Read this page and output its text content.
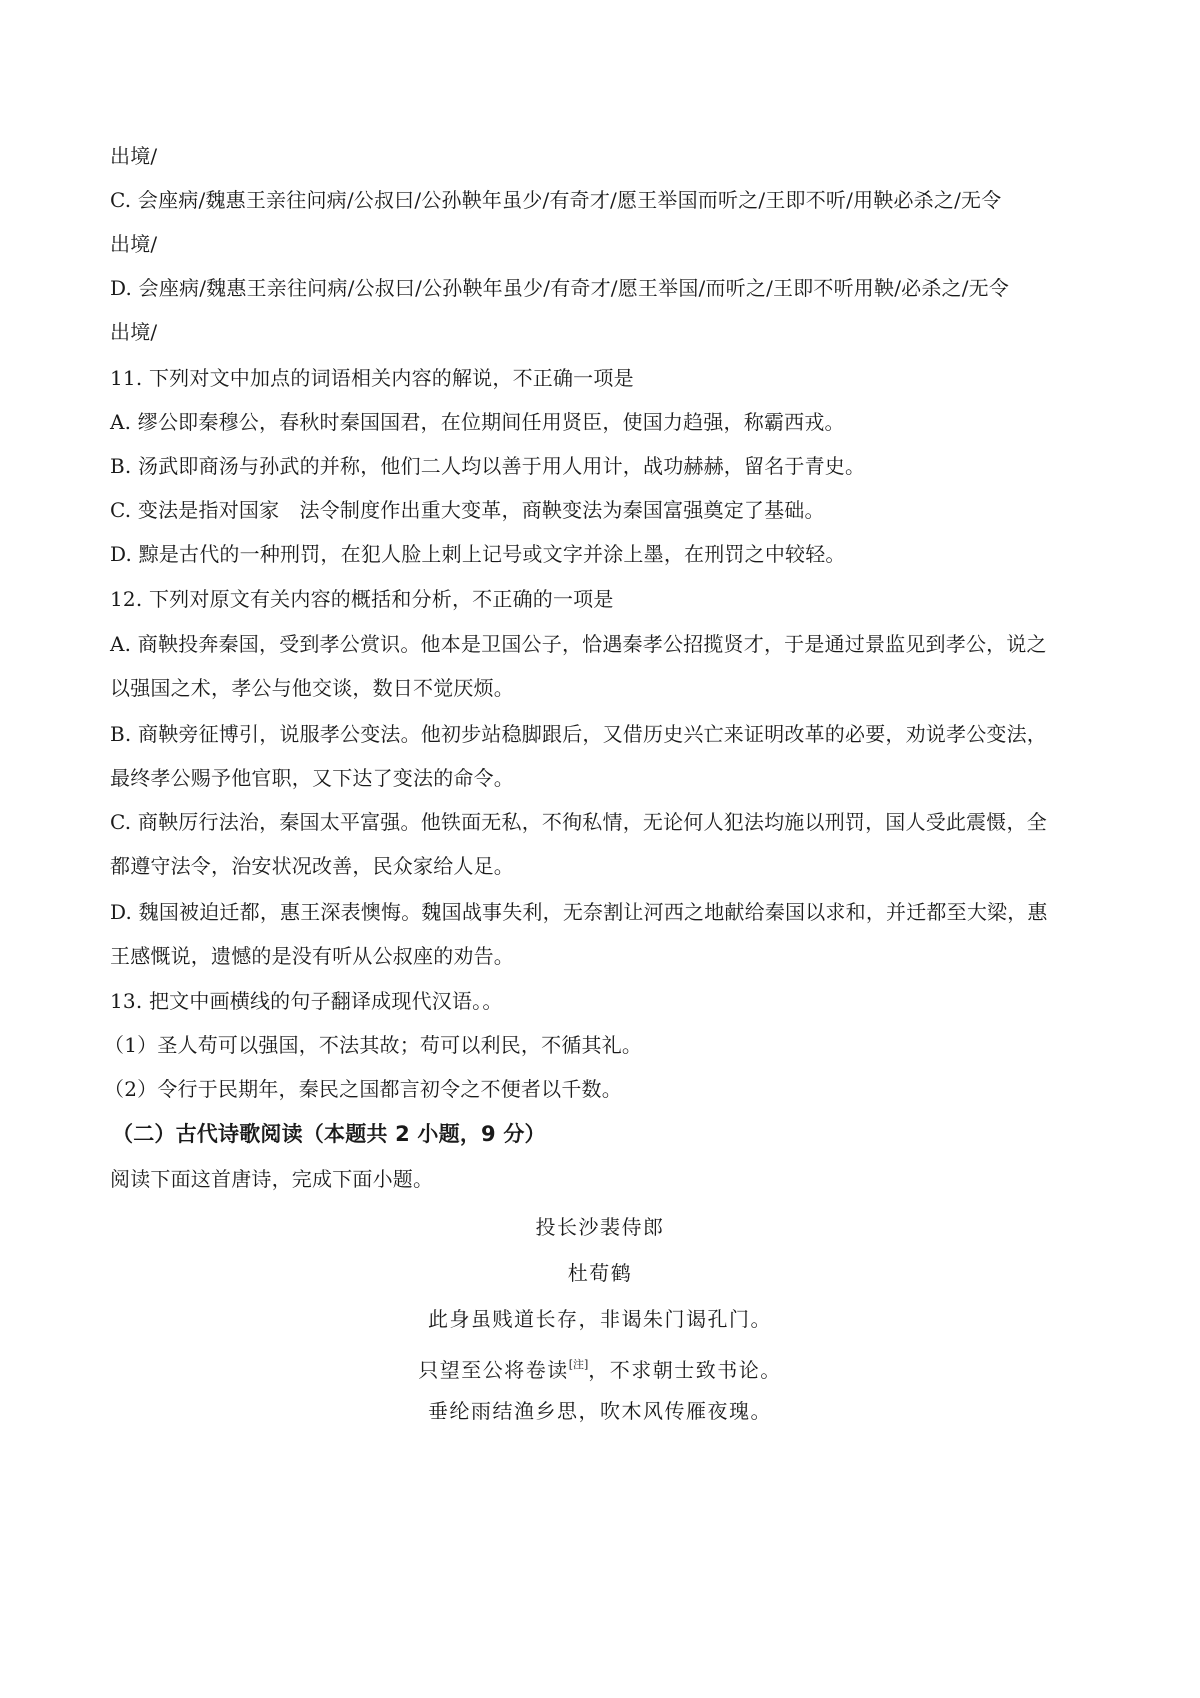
出境/
C. 会座病/魏惠王亲往问病/公叔曰/公孙鞅年虽少/有奇才/愿王举国而听之/王即不听/用鞅必杀之/无令
出境/
D. 会座病/魏惠王亲往问病/公叔曰/公孙鞅年虽少/有奇才/愿王举国/而听之/王即不听用鞅/必杀之/无令
出境/
11. 下列对文中加点的词语相关内容的解说，不正确一项是
A. 缪公即秦穆公，春秋时秦国国君，在位期间任用贤臣，使国力趋强，称霸西戎。
B. 汤武即商汤与孙武的并称，他们二人均以善于用人用计，战功赫赫，留名于青史。
C. 变法是指对国家　法令制度作出重大变革，商鞅变法为秦国富强奠定了基础。
D. 黥是古代的一种刑罚，在犯人脸上刺上记号或文字并涂上墨，在刑罚之中较轻。
12. 下列对原文有关内容的概括和分析，不正确的一项是
A. 商鞅投奔秦国，受到孝公赏识。他本是卫国公子，恰遇秦孝公招揽贤才，于是通过景监见到孝公，说之
以强国之术，孝公与他交谈，数日不觉厌烦。
B. 商鞅旁征博引，说服孝公变法。他初步站稳脚跟后，又借历史兴亡来证明改革的必要，劝说孝公变法，
最终孝公赐予他官职，又下达了变法的命令。
C. 商鞅厉行法治，秦国太平富强。他铁面无私，不徇私情，无论何人犯法均施以刑罚，国人受此震慑，全
都遵守法令，治安状况改善，民众家给人足。
D. 魏国被迫迁都，惠王深表懊悔。魏国战事失利，无奈割让河西之地献给秦国以求和，并迁都至大梁，惠
王感慨说，遗憾的是没有听从公叔座的劝告。
13. 把文中画横线的句子翻译成现代汉语。。
（1）圣人苟可以强国，不法其故；苟可以利民，不循其礼。
（2）令行于民期年，秦民之国都言初令之不便者以千数。
（二）古代诗歌阅读（本题共 2 小题，9 分）
阅读下面这首唐诗，完成下面小题。
投长沙裴侍郎
杜荀鹤
此身虽贱道长存，非谒朱门谒孔门。
只望至公将卷读[注]，不求朝士致书论。
垂纶雨结渔乡思，吹木风传雁夜瑰。
